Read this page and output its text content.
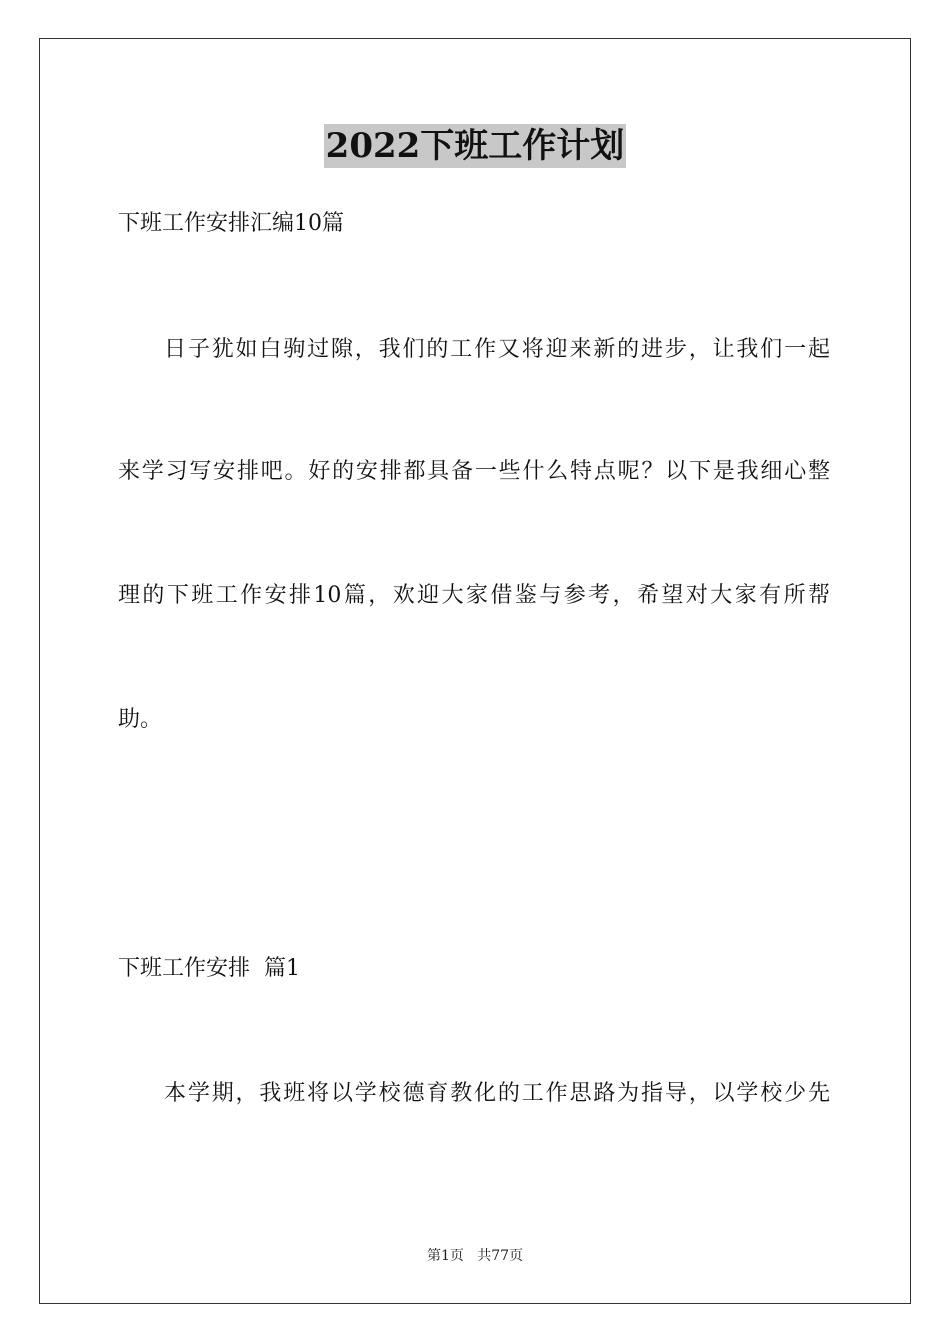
2022下班工作计划
下班工作安排汇编10篇
日子犹如白驹过隙，我们的工作又将迎来新的进步，让我们一起
来学习写安排吧。好的安排都具备一些什么特点呢？以下是我细心整
理的下班工作安排10篇，欢迎大家借鉴与参考，希望对大家有所帮
助。
下班工作安排  篇1
本学期，我班将以学校德育教化的工作思路为指导，以学校少先
第1页   共77页
